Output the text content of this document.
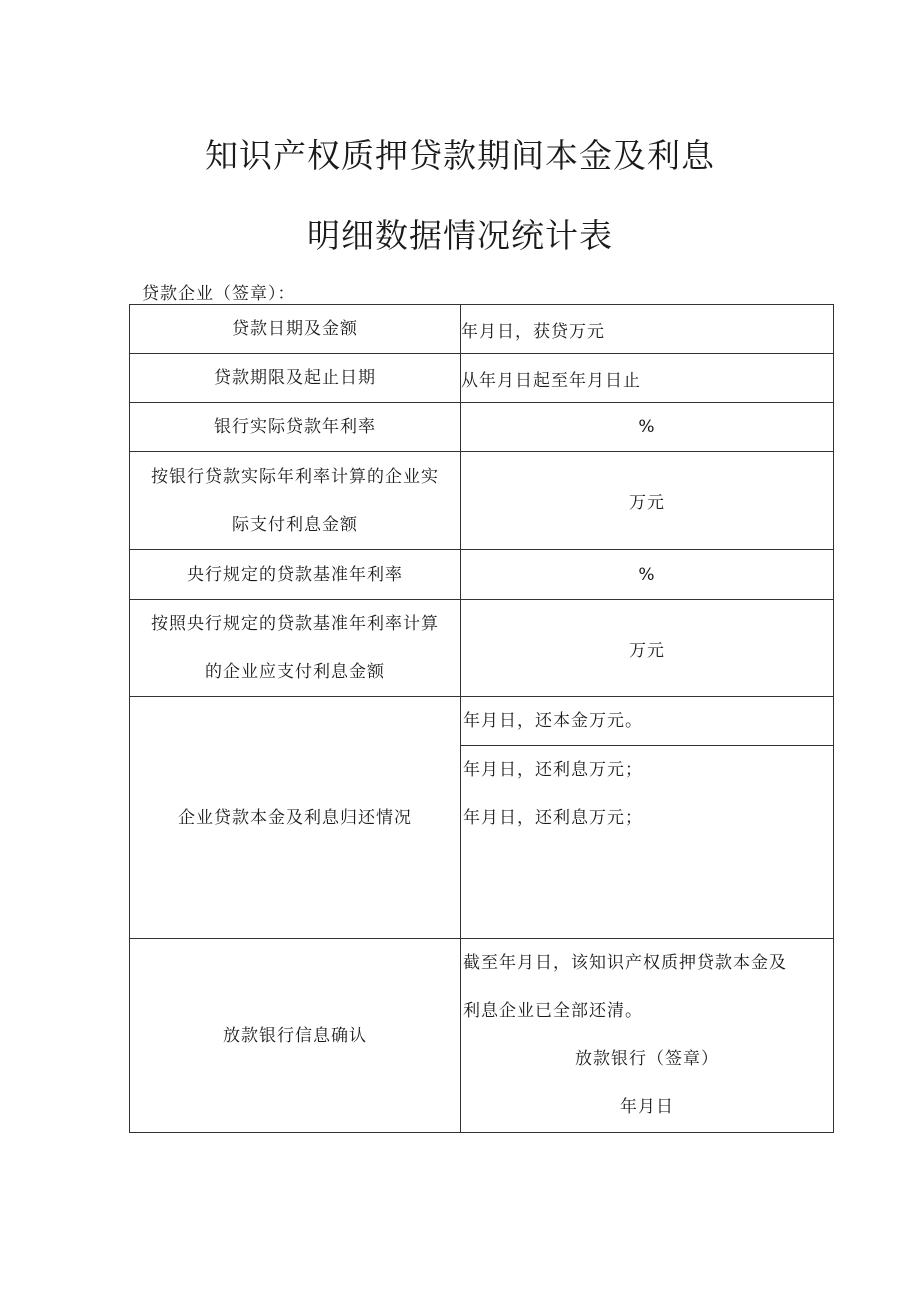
知识产权质押贷款期间本金及利息
明细数据情况统计表
贷款企业（签章）：
贷款日期及金额	年月日，获贷万元
贷款期限及起止日期	从年月日起至年月日止
银行实际贷款年利率	%

按银行贷款实际年利率计算的企业实
际支付利息金额	万元
央行规定的贷款基准年利率	%

按照央行规定的贷款基准年利率计算
的企业应支付利息金额	万元
企业贷款本金及利息归还情况	年月日，还本金万元。

	年月日，还利息万元；
年月日，还利息万元；

放款银行信息确认	截至年月日，该知识产权质押贷款本金及
利息企业已全部还清。
放款银行（签章）
年月日
